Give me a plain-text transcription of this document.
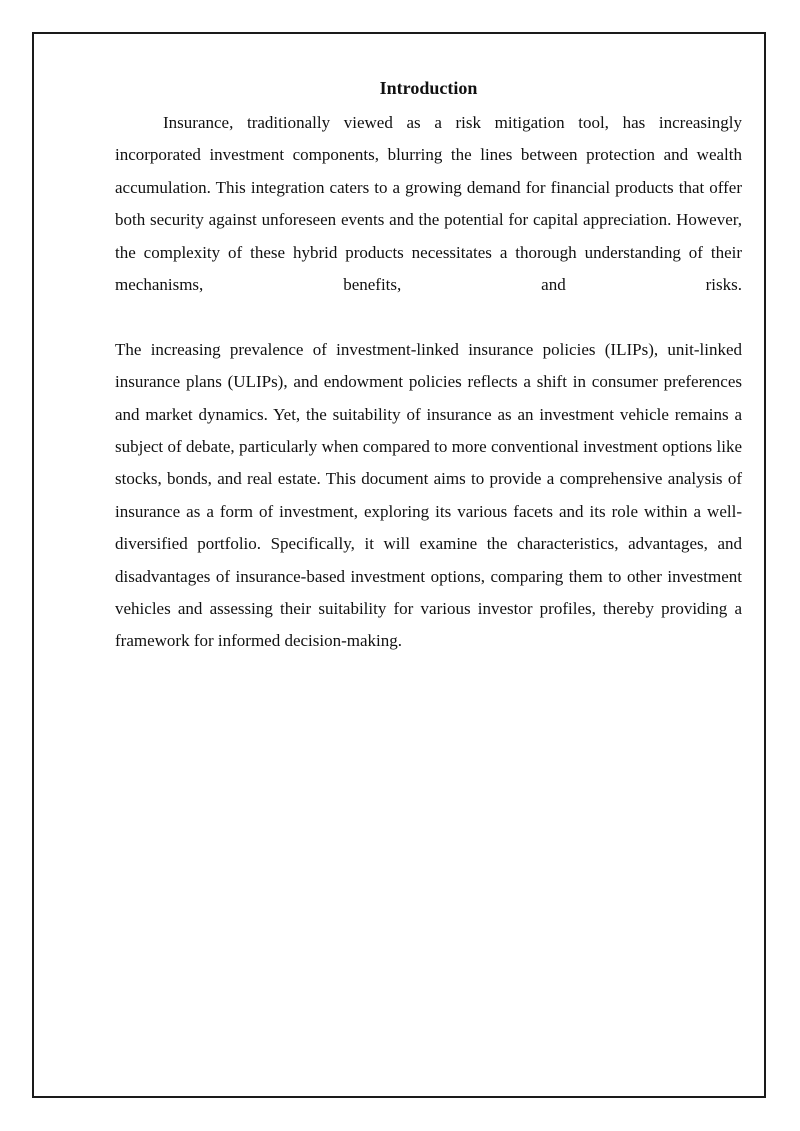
Introduction

Insurance, traditionally viewed as a risk mitigation tool, has increasingly incorporated investment components, blurring the lines between protection and wealth accumulation. This integration caters to a growing demand for financial products that offer both security against unforeseen events and the potential for capital appreciation. However, the complexity of these hybrid products necessitates a thorough understanding of their mechanisms, benefits, and risks.

The increasing prevalence of investment-linked insurance policies (ILIPs), unit-linked insurance plans (ULIPs), and endowment policies reflects a shift in consumer preferences and market dynamics. Yet, the suitability of insurance as an investment vehicle remains a subject of debate, particularly when compared to more conventional investment options like stocks, bonds, and real estate. This document aims to provide a comprehensive analysis of insurance as a form of investment, exploring its various facets and its role within a well-diversified portfolio. Specifically, it will examine the characteristics, advantages, and disadvantages of insurance-based investment options, comparing them to other investment vehicles and assessing their suitability for various investor profiles, thereby providing a framework for informed decision-making.
